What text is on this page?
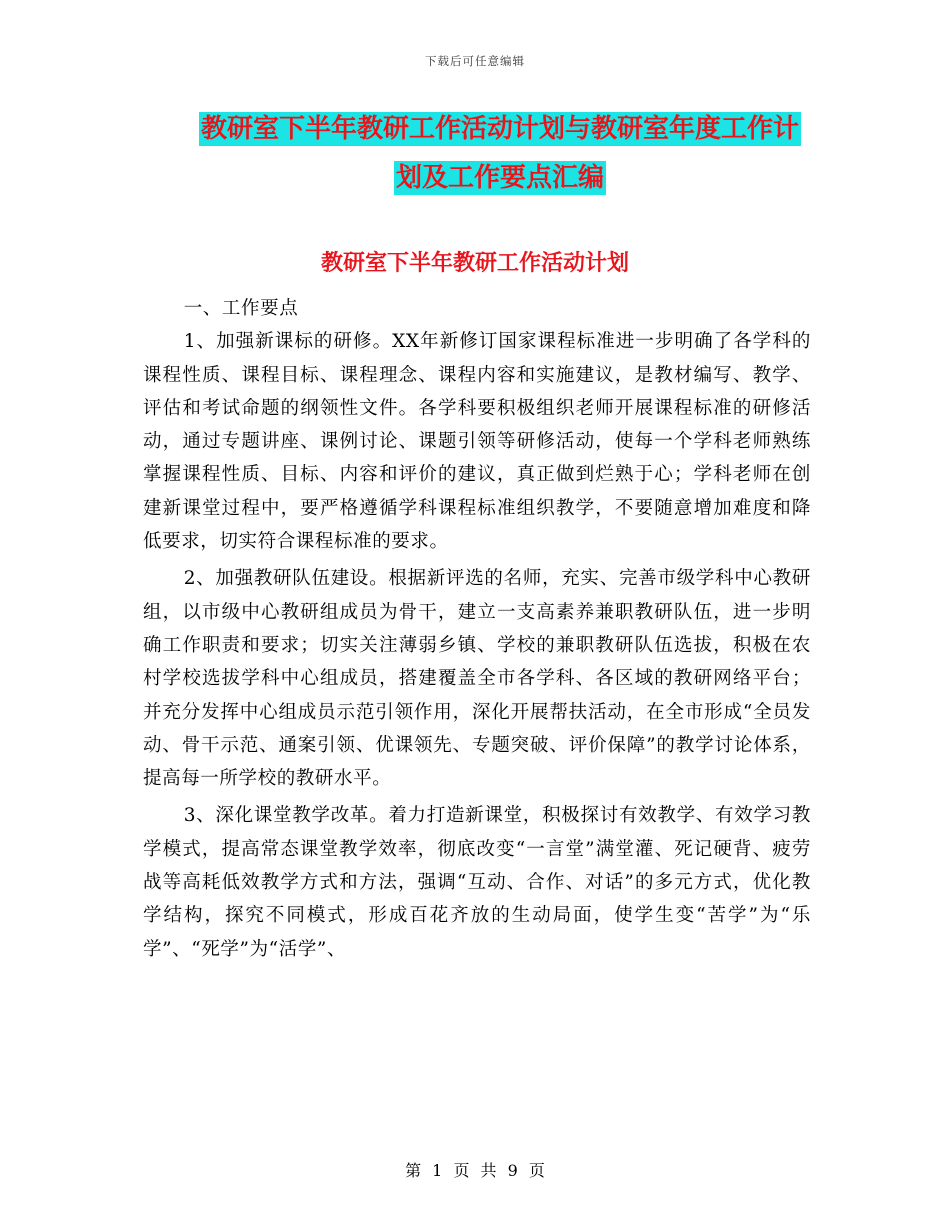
下载后可任意编辑
教研室下半年教研工作活动计划与教研室年度工作计划及工作要点汇编
教研室下半年教研工作活动计划

一、工作要点

1、加强新课标的研修。XX年新修订国家课程标准进一步明确了各学科的课程性质、课程目标、课程理念、课程内容和实施建议，是教材编写、教学、评估和考试命题的纲领性文件。各学科要积极组织老师开展课程标准的研修活动，通过专题讲座、课例讨论、课题引领等研修活动，使每一个学科老师熟练掌握课程性质、目标、内容和评价的建议，真正做到烂熟于心；学科老师在创建新课堂过程中，要严格遵循学科课程标准组织教学，不要随意增加难度和降低要求，切实符合课程标准的要求。

2、加强教研队伍建设。根据新评选的名师，充实、完善市级学科中心教研组，以市级中心教研组成员为骨干，建立一支高素养兼职教研队伍，进一步明确工作职责和要求；切实关注薄弱乡镇、学校的兼职教研队伍选拔，积极在农村学校选拔学科中心组成员，搭建覆盖全市各学科、各区域的教研网络平台；并充分发挥中心组成员示范引领作用，深化开展帮扶活动，在全市形成“全员发动、骨干示范、通案引领、优课领先、专题突破、评价保障”的教学讨论体系，提高每一所学校的教研水平。

3、深化课堂教学改革。着力打造新课堂，积极探讨有效教学、有效学习教学模式，提高常态课堂教学效率，彻底改变“一言堂”满堂灌、死记硬背、疲劳战等高耗低效教学方式和方法，强调“互动、合作、对话”的多元方式，优化教学结构，探究不同模式，形成百花齐放的生动局面，使学生变“苦学”为“乐学”、“死学”为“活学”、

第 1 页 共 9 页
